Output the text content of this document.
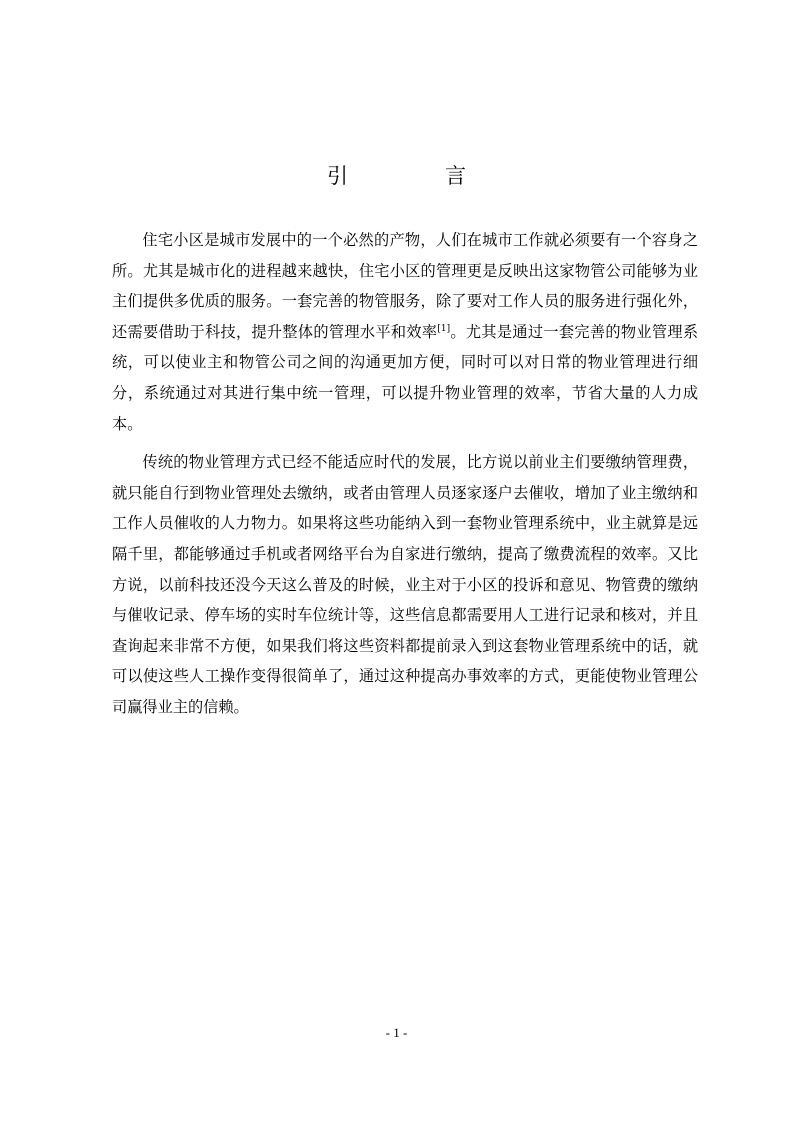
引　言

住宅小区是城市发展中的一个必然的产物，人们在城市工作就必须要有一个容身之所。尤其是城市化的进程越来越快，住宅小区的管理更是反映出这家物管公司能够为业主们提供多优质的服务。一套完善的物管服务，除了要对工作人员的服务进行强化外，还需要借助于科技，提升整体的管理水平和效率[1]。尤其是通过一套完善的物业管理系统，可以使业主和物管公司之间的沟通更加方便，同时可以对日常的物业管理进行细分，系统通过对其进行集中统一管理，可以提升物业管理的效率，节省大量的人力成本。

传统的物业管理方式已经不能适应时代的发展，比方说以前业主们要缴纳管理费，就只能自行到物业管理处去缴纳，或者由管理人员逐家逐户去催收，增加了业主缴纳和工作人员催收的人力物力。如果将这些功能纳入到一套物业管理系统中，业主就算是远隔千里，都能够通过手机或者网络平台为自家进行缴纳，提高了缴费流程的效率。又比方说，以前科技还没今天这么普及的时候，业主对于小区的投诉和意见、物管费的缴纳与催收记录、停车场的实时车位统计等，这些信息都需要用人工进行记录和核对，并且查询起来非常不方便，如果我们将这些资料都提前录入到这套物业管理系统中的话，就可以使这些人工操作变得很简单了，通过这种提高办事效率的方式，更能使物业管理公司赢得业主的信赖。

- 1 -
